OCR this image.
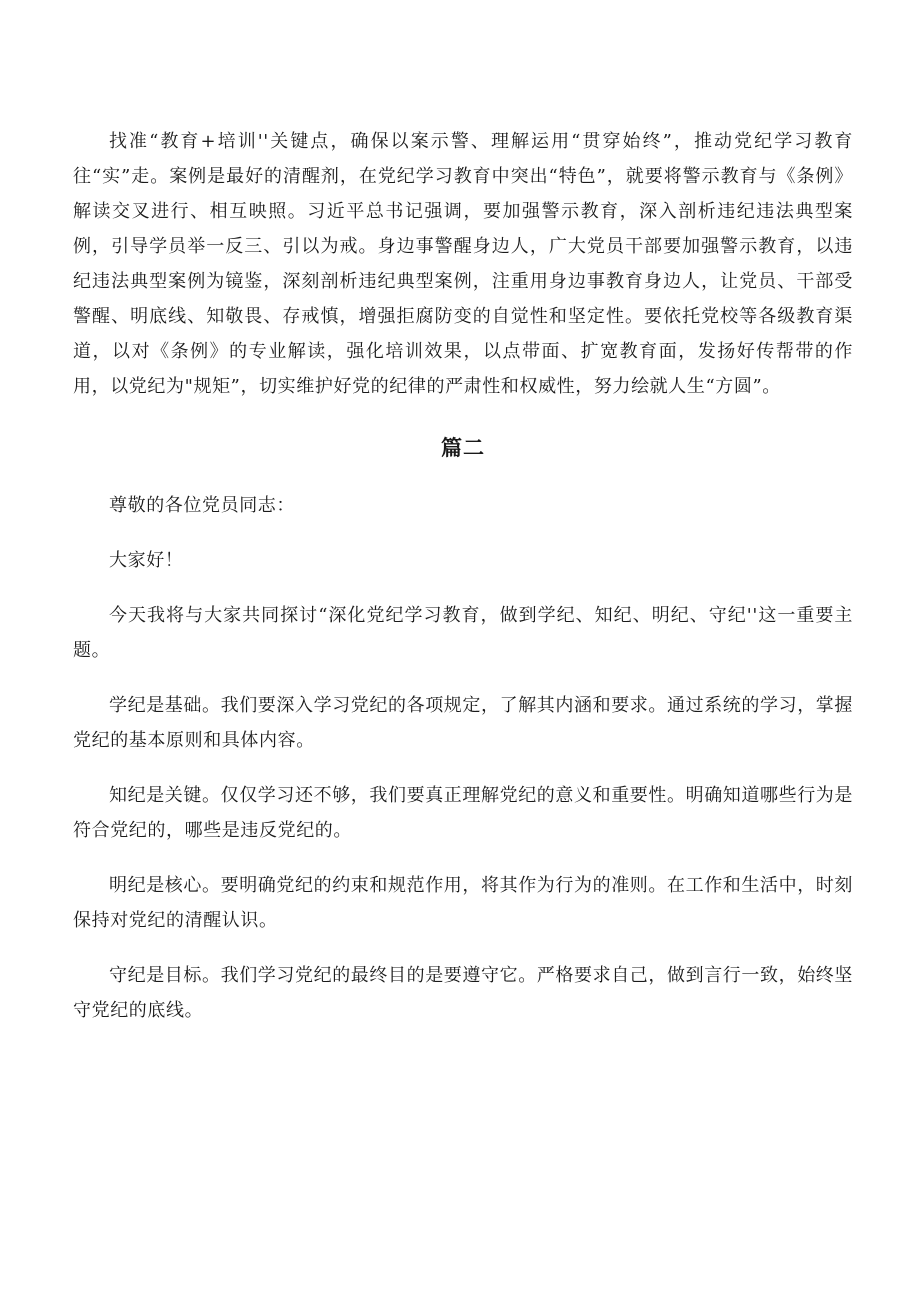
找准“教育+培训''关键点，确保以案示警、理解运用“贯穿始终”，推动党纪学习教育往“实”走。案例是最好的清醒剂，在党纪学习教育中突出“特色”，就要将警示教育与《条例》解读交叉进行、相互映照。习近平总书记强调，要加强警示教育，深入剖析违纪违法典型案例，引导学员举一反三、引以为戒。身边事警醒身边人，广大党员干部要加强警示教育，以违纪违法典型案例为镜鉴，深刻剖析违纪典型案例，注重用身边事教育身边人，让党员、干部受警醒、明底线、知敬畏、存戒慎，增强拒腐防变的自觉性和坚定性。要依托党校等各级教育渠道，以对《条例》的专业解读，强化培训效果，以点带面、扩宽教育面，发扬好传帮带的作用，以党纪为"规矩”，切实维护好党的纪律的严肃性和权威性，努力绘就人生“方圆”。

篇二

尊敬的各位党员同志：

大家好！

今天我将与大家共同探讨“深化党纪学习教育，做到学纪、知纪、明纪、守纪''这一重要主题。

学纪是基础。我们要深入学习党纪的各项规定，了解其内涵和要求。通过系统的学习，掌握党纪的基本原则和具体内容。

知纪是关键。仅仅学习还不够，我们要真正理解党纪的意义和重要性。明确知道哪些行为是符合党纪的，哪些是违反党纪的。

明纪是核心。要明确党纪的约束和规范作用，将其作为行为的准则。在工作和生活中，时刻保持对党纪的清醒认识。

守纪是目标。我们学习党纪的最终目的是要遵守它。严格要求自己，做到言行一致，始终坚守党纪的底线。
